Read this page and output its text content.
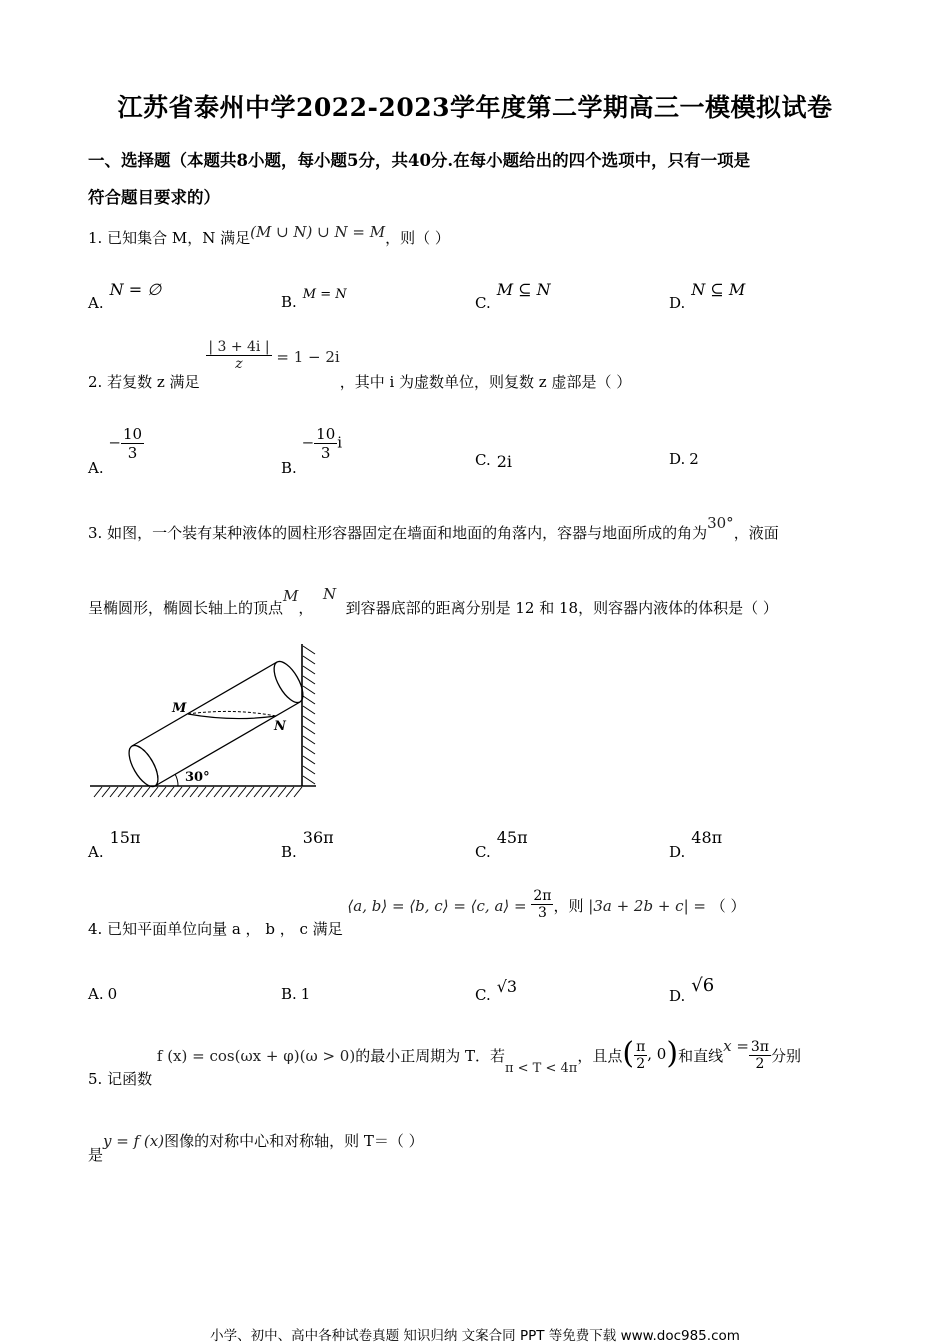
江苏省泰州中学2022-2023学年度第二学期高三一模模拟试卷
一、选择题（本题共8小题，每小题5分，共40分.在每小题给出的四个选项中，只有一项是
符合题目要求的）
1. 已知集合 M，N 满足(M ∪ N) ∪ N = M，则（ ）
A.N = ∅
B. M = N	C.M ⊆ N
D.N ⊆ M
2. 若复数 z 满足
$\frac{| 3 + 4i |}{z} = 1 - 2i$，其中 i 为虚数单位，则复数 z 虚部是（ ）
A. − $\frac{10}{3}$
B. − $\frac{10}{3}$ i
C. 2i	D. 2
3. 如图，一个装有某种液体的圆柱形容器固定在墙面和地面的角落内，容器与地面所成的角为30°，液面
呈椭圆形，椭圆长轴上的顶点M，  N  到容器底部的距离分别是 12 和 18，则容器内液体的体积是（ ）
M
N
30°
A.15π
B.36π
C.45π
D.48π
4. 已知平面单位向量 a ， b ， c 满足 ⟨a, b⟩ = ⟨b, c⟩ = ⟨c, a⟩ = $\frac{2\pi}{3}$ ，则 |3a + 2b + c| = （ ）
A. 0	B. 1	C. √3	D. √6
5. 记函数 f (x) = cos(ωx + φ)(ω > 0)的最小正周期为 T．若π < T < 4π，且点( $\frac{\pi}{2}$ , 0)和直线$x = \frac{3\pi}{2}$ 分别
是y = f (x)图像的对称中心和对称轴，则 T＝（ ）
小学、初中、高中各种试卷真题 知识归纳 文案合同 PPT 等免费下载 www.doc985.com
